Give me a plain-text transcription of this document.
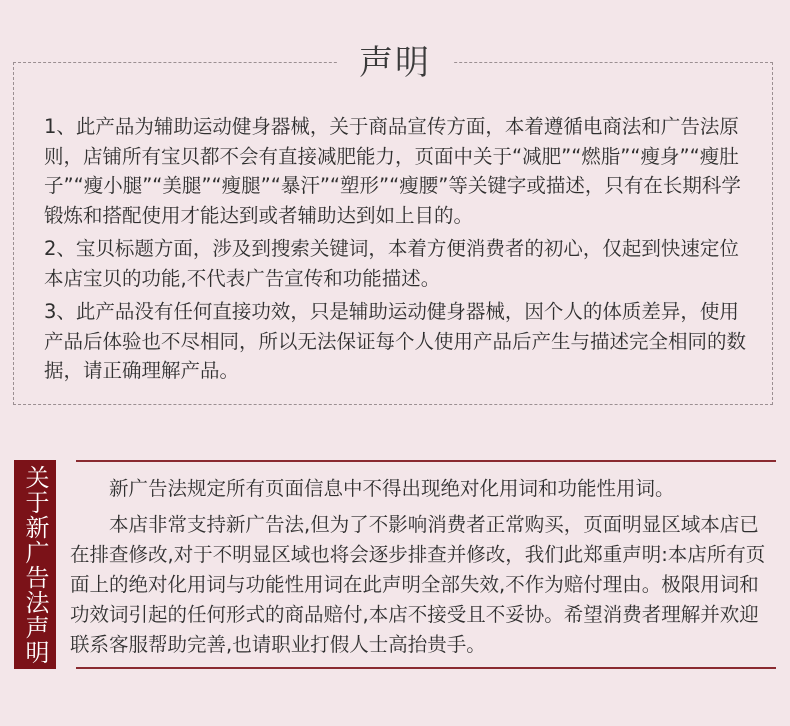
声明

1、此产品为辅助运动健身器械，关于商品宣传方面，本着遵循电商法和广告法原则，店铺所有宝贝都不会有直接减肥能力，页面中关于“减肥”“燃脂”“瘦身”“瘦肚子”“瘦小腿”“美腿”“瘦腿”“暴汗”“塑形”“瘦腰”等关键字或描述，只有在长期科学锻炼和搭配使用才能达到或者辅助达到如上目的。

2、宝贝标题方面，涉及到搜索关键词，本着方便消费者的初心，仅起到快速定位本店宝贝的功能,不代表广告宣传和功能描述。

3、此产品没有任何直接功效，只是辅助运动健身器械，因个人的体质差异，使用产品后体验也不尽相同，所以无法保证每个人使用产品后产生与描述完全相同的数据，请正确理解产品。

关于新广告法声明	新广告法规定所有页面信息中不得出现绝对化用词和功能性用词。

本店非常支持新广告法,但为了不影响消费者正常购买，页面明显区域本店已在排查修改,对于不明显区域也将会逐步排查并修改，我们此郑重声明:本店所有页面上的绝对化用词与功能性用词在此声明全部失效,不作为赔付理由。极限用词和功效词引起的任何形式的商品赔付,本店不接受且不妥协。希望消费者理解并欢迎联系客服帮助完善,也请职业打假人士高抬贵手。
